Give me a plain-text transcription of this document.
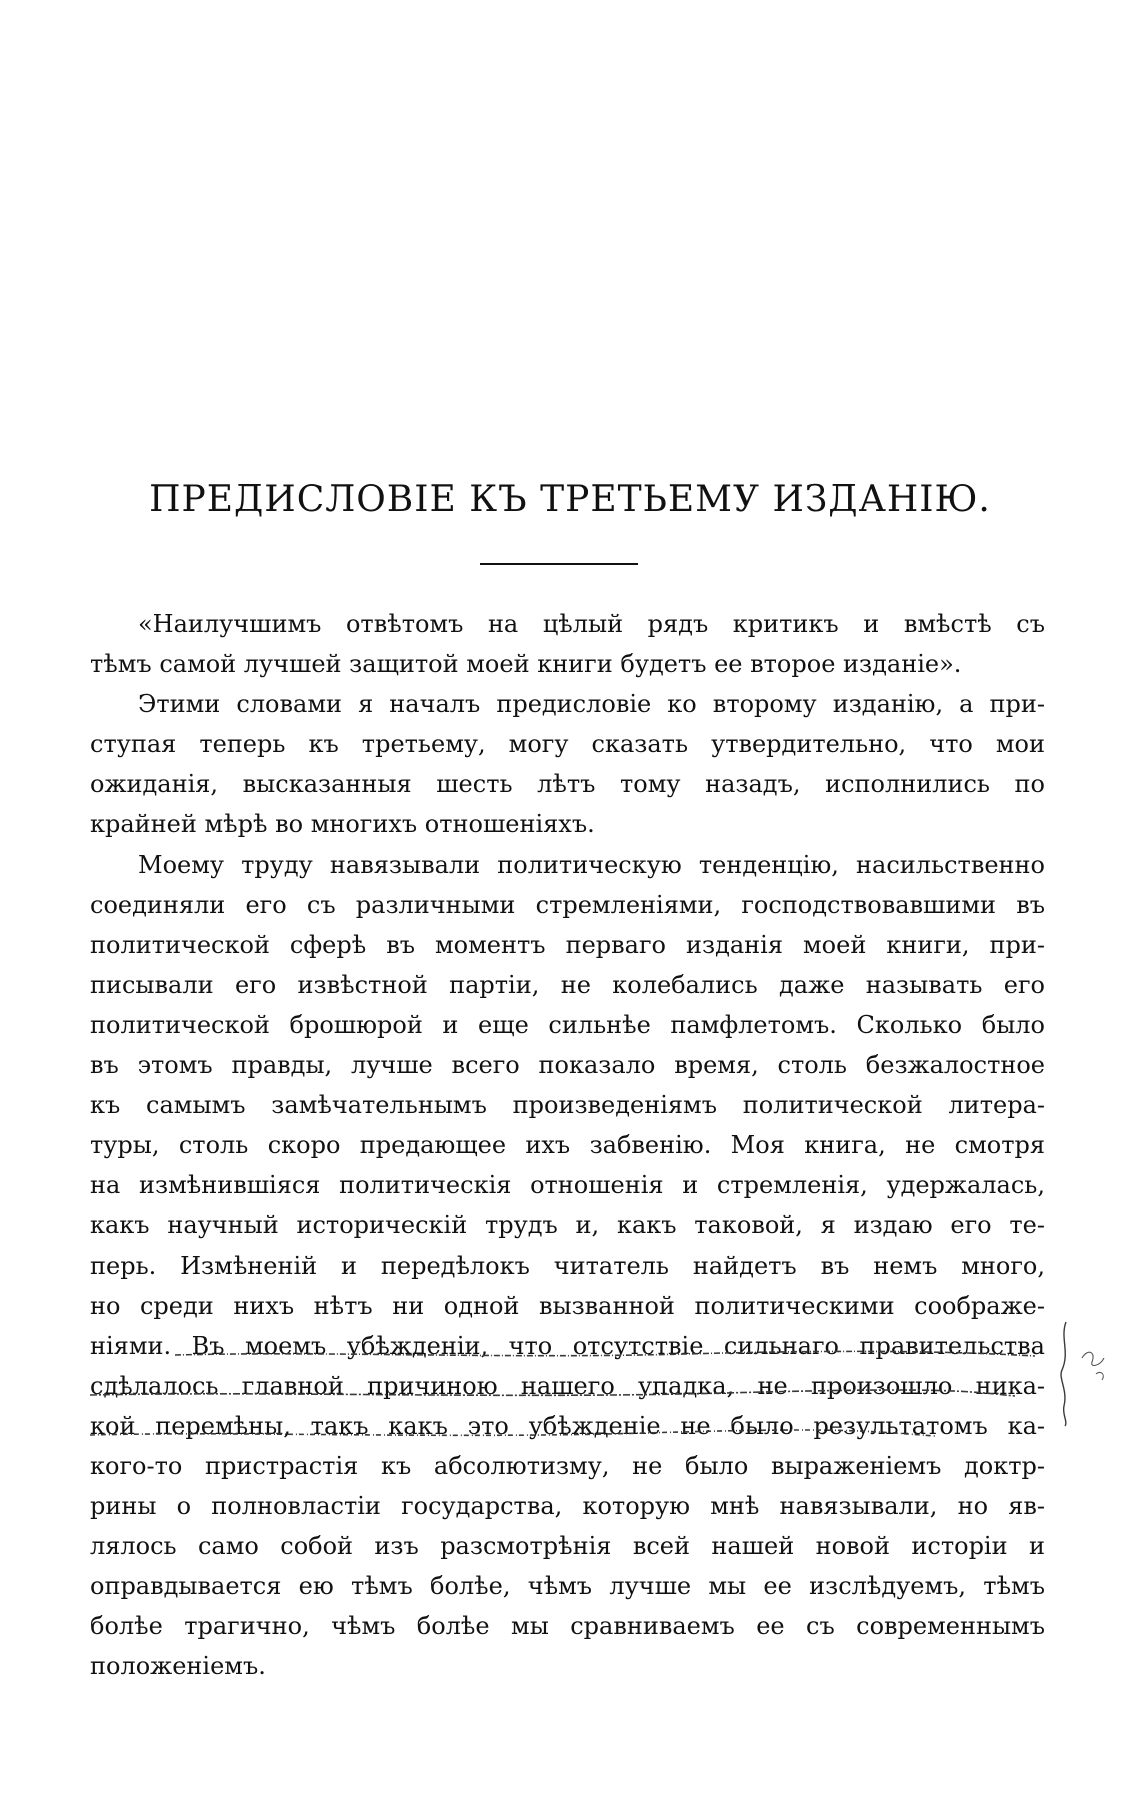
ПРЕДИСЛОВІЕ КЪ ТРЕТЬЕМУ ИЗДАНІЮ.
«Наилучшимъ отвѣтомъ на цѣлый рядъ критикъ и вмѣстѣ съ
тѣмъ самой лучшей защитой моей книги будетъ ее второе изданіе».
Этими словами я началъ предисловіе ко второму изданію, а при-
ступая теперь къ третьему, могу сказать утвердительно, что мои
ожиданія, высказанныя шесть лѣтъ тому назадъ, исполнились по
крайней мѣрѣ во многихъ отношеніяхъ.
Моему труду навязывали политическую тенденцію, насильственно
соединяли его съ различными стремленіями, господствовавшими въ
политической сферѣ въ моментъ перваго изданія моей книги, при-
писывали его извѣстной партіи, не колебались даже называть его
политической брошюрой и еще сильнѣе памфлетомъ. Сколько было
въ этомъ правды, лучше всего показало время, столь безжалостное
къ самымъ замѣчательнымъ произведеніямъ политической литера-
туры, столь скоро предающее ихъ забвенію. Моя книга, не смотря
на измѣнившіяся политическія отношенія и стремленія, удержалась,
какъ научный историческій трудъ и, какъ таковой, я издаю его те-
перь. Измѣненій и передѣлокъ читатель найдетъ въ немъ много,
но среди нихъ нѣтъ ни одной вызванной политическими соображе-
ніями. Въ моемъ убѣжденіи, что отсутствіе сильнаго правительства
сдѣлалось главной причиною нашего упадка, не произошло ника-
кой перемѣны, такъ какъ это убѣжденіе не было результатомъ ка-
кого-то пристрастія къ абсолютизму, не было выраженіемъ доктр-
рины о полновластіи государства, которую мнѣ навязывали, но яв-
лялось само собой изъ разсмотрѣнія всей нашей новой исторіи и
оправдывается ею тѣмъ болѣе, чѣмъ лучше мы ее изслѣдуемъ, тѣмъ
болѣе трагично, чѣмъ болѣе мы сравниваемъ ее съ современнымъ
положеніемъ.
